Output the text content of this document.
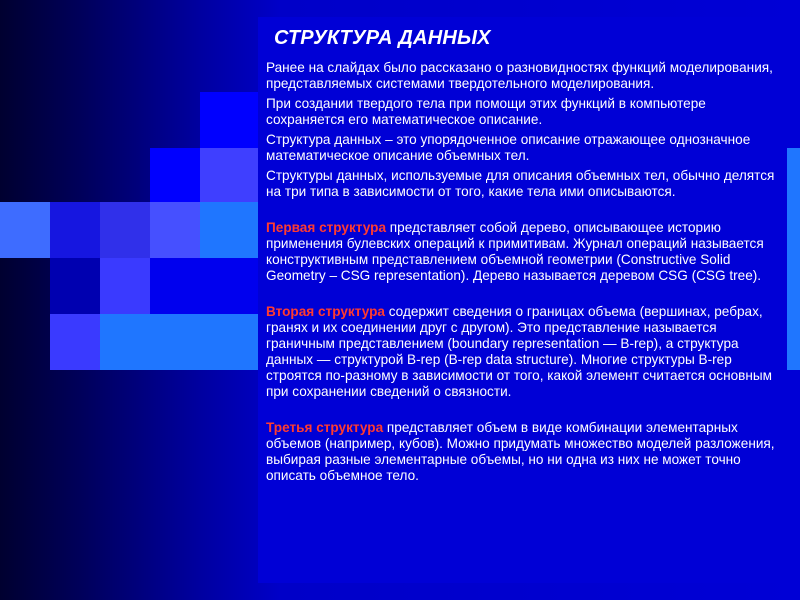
СТРУКТУРА ДАННЫХ

Ранее на слайдах было рассказано о разновидностях функций моделирования, представляемых системами твердотельного моделирования.

При создании твердого тела при помощи этих функций в компьютере сохраняется его математическое описание.

Структура данных – это упорядоченное описание отражающее однозначное математическое описание объемных тел.

Структуры данных, используемые для описания объемных тел, обычно делятся на три типа в зависимости от того, какие тела ими описываются.

Первая структура представляет собой дерево, описывающее историю применения булевских операций к примитивам. Журнал операций называется конструктивным представлением объемной геометрии (Constructive Solid Geometry – CSG representation). Дерево называется деревом CSG (CSG tree).

Вторая структура содержит сведения о границах объема (вершинах, ребрах, гранях и их соединении друг с другом). Это представление называется граничным представлением (boundary representation — B-rep), а структура данных — структурой B-rep (B-rep data structure). Многие структуры B-rep строятся по-разному в зависимости от того, какой элемент считается основным при сохранении сведений о связности.

Третья структура представляет объем в виде комбинации элементарных объемов (например, кубов). Можно придумать множество моделей разложения, выбирая разные элементарные объемы, но ни одна из них не может точно описать объемное тело.
